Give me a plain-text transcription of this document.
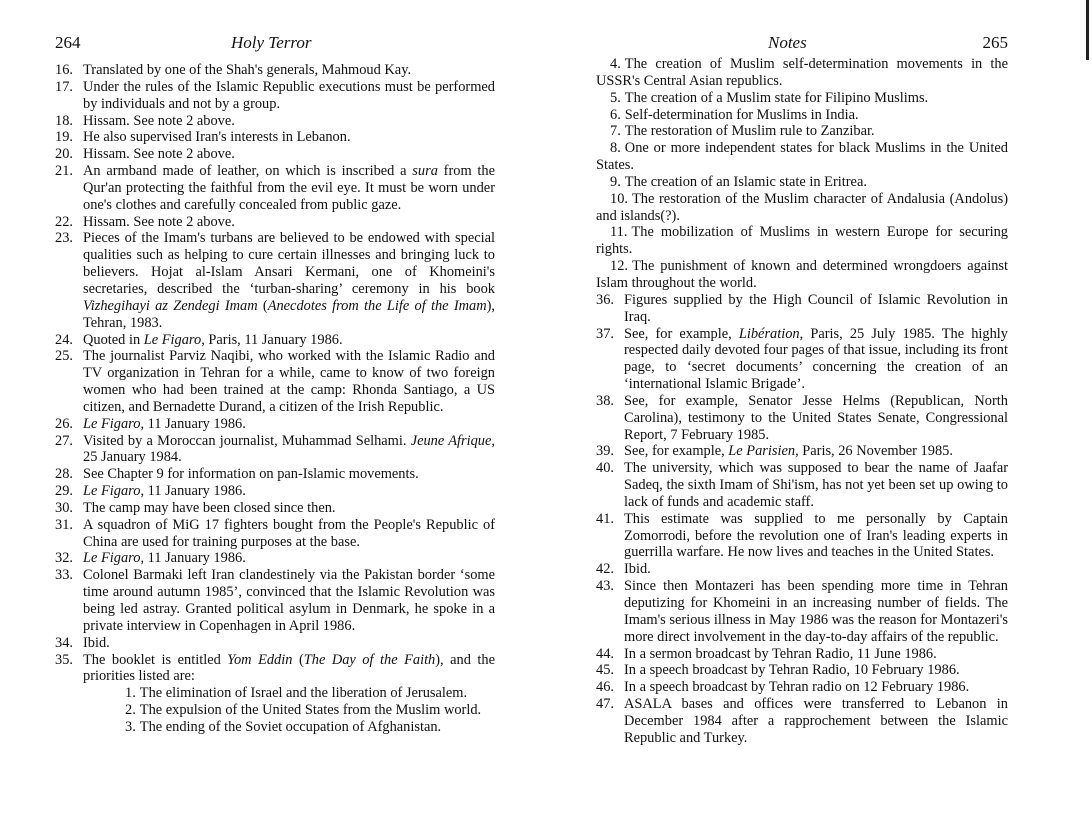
264	Holy Terror
16. Translated by one of the Shah's generals, Mahmoud Kay.
17. Under the rules of the Islamic Republic executions must be performed by individuals and not by a group.
18. Hissam. See note 2 above.
19. He also supervised Iran's interests in Lebanon.
20. Hissam. See note 2 above.
21. An armband made of leather, on which is inscribed a sura from the Qur'an protecting the faithful from the evil eye. It must be worn under one's clothes and carefully concealed from public gaze.
22. Hissam. See note 2 above.
23. Pieces of the Imam's turbans are believed to be endowed with special qualities such as helping to cure certain illnesses and bringing luck to believers. Hojat al-Islam Ansari Kermani, one of Khomeini's secretaries, described the ‘turban-sharing’ ceremony in his book Vizhegihayi az Zendegi Imam (Anecdotes from the Life of the Imam), Tehran, 1983.
24. Quoted in Le Figaro, Paris, 11 January 1986.
25. The journalist Parviz Naqibi, who worked with the Islamic Radio and TV organization in Tehran for a while, came to know of two foreign women who had been trained at the camp: Rhonda Santiago, a US citizen, and Bernadette Durand, a citizen of the Irish Republic.
26. Le Figaro, 11 January 1986.
27. Visited by a Moroccan journalist, Muhammad Selhami. Jeune Afrique, 25 January 1984.
28. See Chapter 9 for information on pan-Islamic movements.
29. Le Figaro, 11 January 1986.
30. The camp may have been closed since then.
31. A squadron of MiG 17 fighters bought from the People's Republic of China are used for training purposes at the base.
32. Le Figaro, 11 January 1986.
33. Colonel Barmaki left Iran clandestinely via the Pakistan border ‘some time around autumn 1985’, convinced that the Islamic Revolution was being led astray. Granted political asylum in Denmark, he spoke in a private interview in Copenhagen in April 1986.
34. Ibid.
35. The booklet is entitled Yom Eddin (The Day of the Faith), and the priorities listed are:
1. The elimination of Israel and the liberation of Jerusalem.
2. The expulsion of the United States from the Muslim world.
3. The ending of the Soviet occupation of Afghanistan.
Notes	265
4. The creation of Muslim self-determination movements in the USSR's Central Asian republics.
5. The creation of a Muslim state for Filipino Muslims.
6. Self-determination for Muslims in India.
7. The restoration of Muslim rule to Zanzibar.
8. One or more independent states for black Muslims in the United States.
9. The creation of an Islamic state in Eritrea.
10. The restoration of the Muslim character of Andalusia (Andolus) and islands(?).
11. The mobilization of Muslims in western Europe for securing rights.
12. The punishment of known and determined wrongdoers against Islam throughout the world.
36. Figures supplied by the High Council of Islamic Revolution in Iraq.
37. See, for example, Libération, Paris, 25 July 1985. The highly respected daily devoted four pages of that issue, including its front page, to ‘secret documents’ concerning the creation of an ‘international Islamic Brigade’.
38. See, for example, Senator Jesse Helms (Republican, North Carolina), testimony to the United States Senate, Congressional Report, 7 February 1985.
39. See, for example, Le Parisien, Paris, 26 November 1985.
40. The university, which was supposed to bear the name of Jaafar Sadeq, the sixth Imam of Shi'ism, has not yet been set up owing to lack of funds and academic staff.
41. This estimate was supplied to me personally by Captain Zomorrodi, before the revolution one of Iran's leading experts in guerrilla warfare. He now lives and teaches in the United States.
42. Ibid.
43. Since then Montazeri has been spending more time in Tehran deputizing for Khomeini in an increasing number of fields. The Imam's serious illness in May 1986 was the reason for Montazeri's more direct involvement in the day-to-day affairs of the republic.
44. In a sermon broadcast by Tehran Radio, 11 June 1986.
45. In a speech broadcast by Tehran Radio, 10 February 1986.
46. In a speech broadcast by Tehran radio on 12 February 1986.
47. ASALA bases and offices were transferred to Lebanon in December 1984 after a rapprochement between the Islamic Republic and Turkey.
